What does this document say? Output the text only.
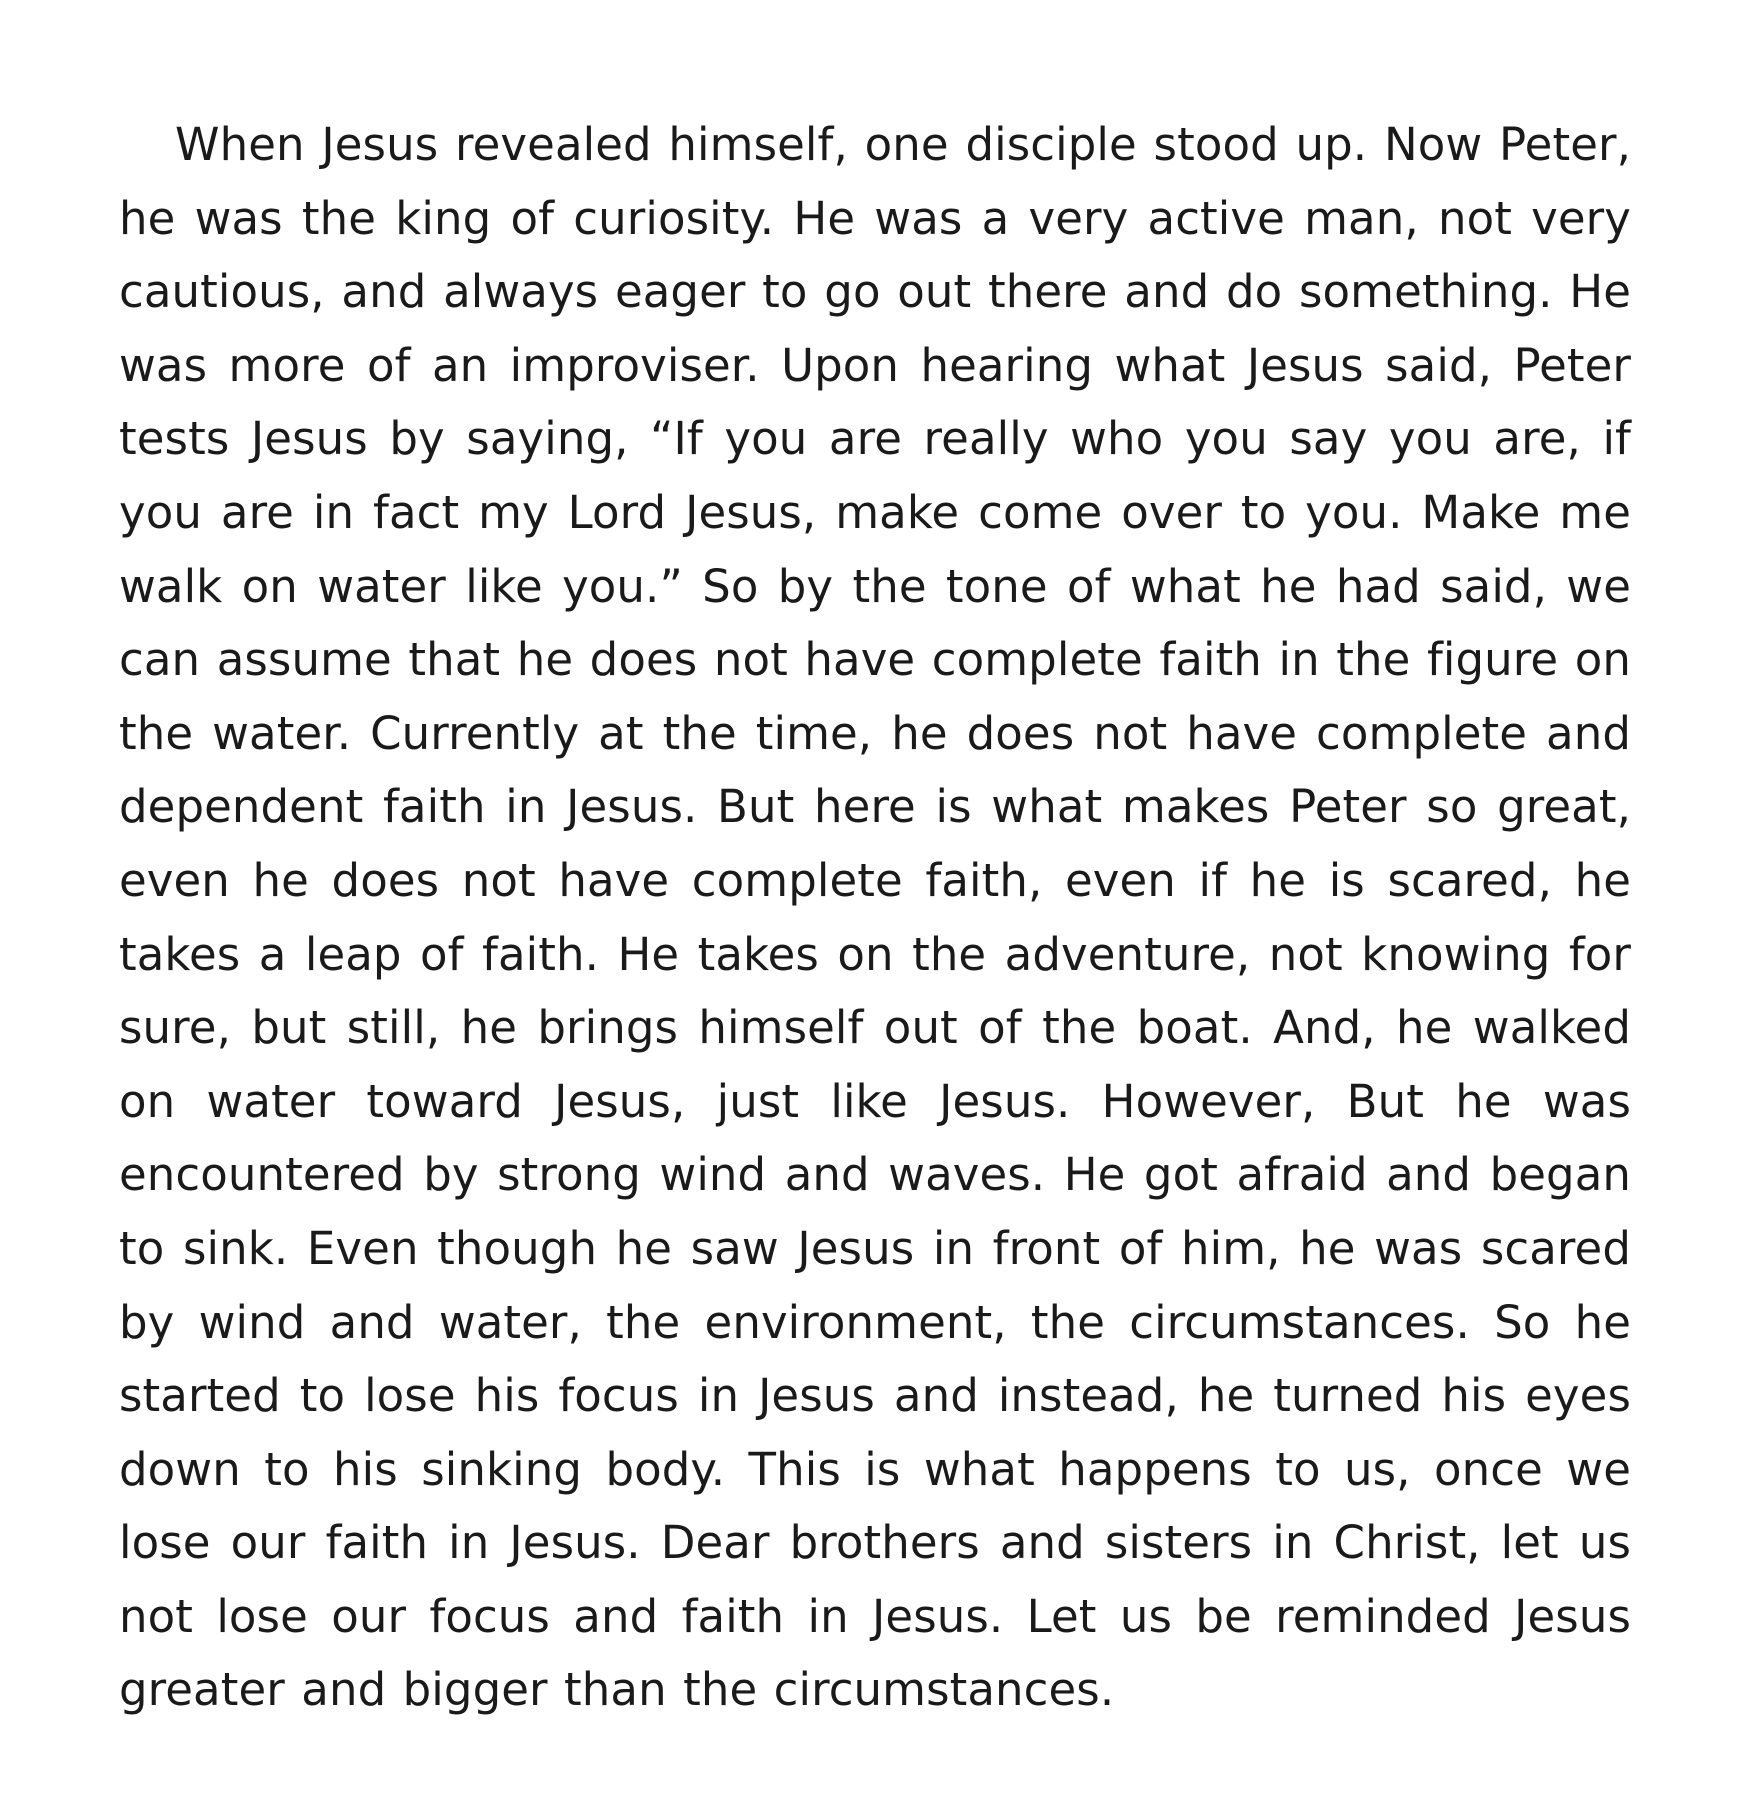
When Jesus revealed himself, one disciple stood up. Now Peter, he was the king of curiosity. He was a very active man, not very cautious, and always eager to go out there and do something. He was more of an improviser. Upon hearing what Jesus said, Peter tests Jesus by saying, “If you are really who you say you are, if you are in fact my Lord Jesus, make come over to you. Make me walk on water like you.” So by the tone of what he had said, we can assume that he does not have complete faith in the figure on the water. Currently at the time, he does not have complete and dependent faith in Jesus. But here is what makes Peter so great, even he does not have complete faith, even if he is scared, he takes a leap of faith. He takes on the adventure, not knowing for sure, but still, he brings himself out of the boat. And, he walked on water toward Jesus, just like Jesus. However, But he was encountered by strong wind and waves. He got afraid and began to sink. Even though he saw Jesus in front of him, he was scared by wind and water, the environment, the circumstances. So he started to lose his focus in Jesus and instead, he turned his eyes down to his sinking body. This is what happens to us, once we lose our faith in Jesus. Dear brothers and sisters in Christ, let us not lose our focus and faith in Jesus. Let us be reminded Jesus greater and bigger than the circumstances.
